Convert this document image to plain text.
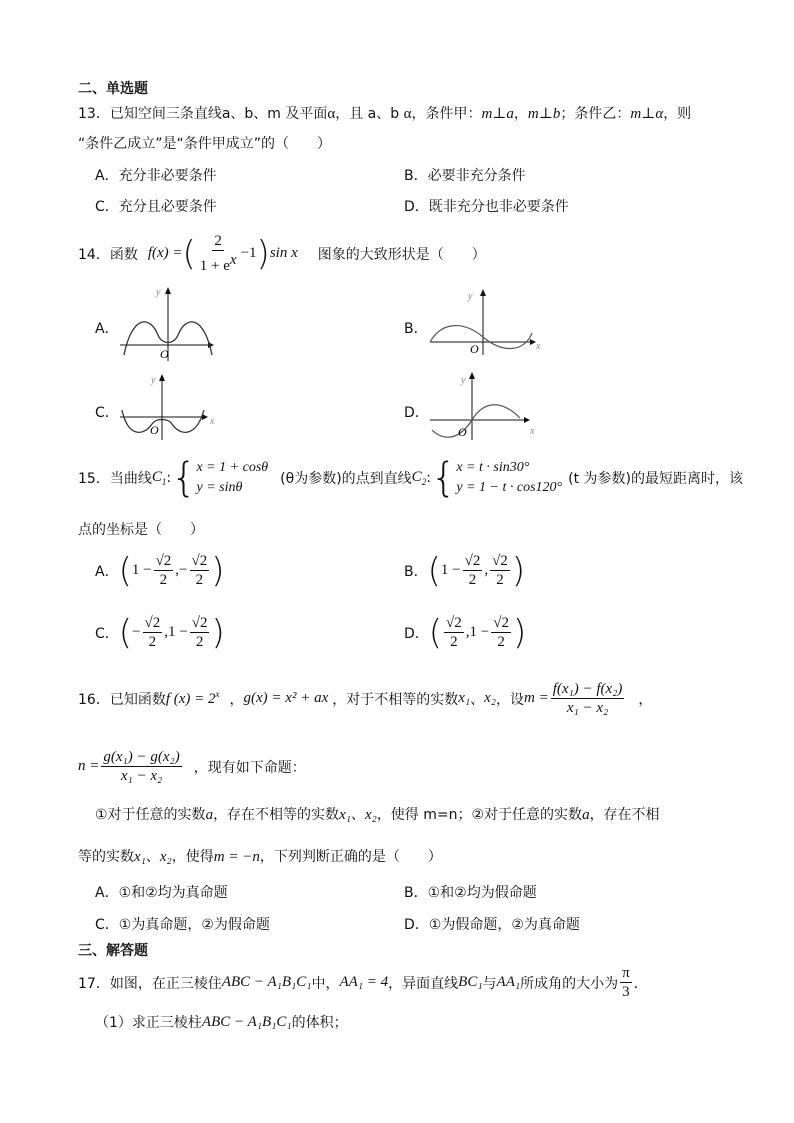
二、单选题
13．已知空间三条直线a、b、m 及平面α，且 a、b α，条件甲：m⊥a，m⊥b；条件乙：m⊥α，则
“条件乙成立”是“条件甲成立”的（　　）
A．充分非必要条件	B．必要非充分条件
C．充分且必要条件	D．既非充分也非必要条件
14．函数 f(x) = ( $\frac{2}{1 + e^x} -1$ ) sin x 图象的大致形状是（　　）
A．
O
y
B．
O
y
x
C．
O
y
x
D．
O
y
x
15．当曲线 $C_1$ : { x = 1 + cosθ
y = sinθ
(θ为参数)的点到直线 $C_2$ : { x = t · sin30°
y = 1 − t · cos120°
(t 为参数)的最短距离时，该
点的坐标是（　　）
A． ( $1 - \frac{√2}{2}$ , − $\frac{√2}{2}$ )	B． ( $1 - \frac{√2}{2}$ , $\frac{√2}{2}$ )
C． ( − $\frac{√2}{2}$ , $1 - \frac{√2}{2}$ )	D． ( $\frac{√2}{2}$ , $1 - \frac{√2}{2}$ )
16．已知函数 f $(x) = 2^x$ ， g(x) = x² + ax ，对于不相等的实数 x₁ 、 x₂ ，设 $m = \frac{\text{f(x₁) − f(x₂)}}{\text{x₁ − x₂}}$ ，
$n = \frac{\text{g(x₁) − g(x₂)}}{\text{x₁ − x₂}}$ ，现有如下命题：
①对于任意的实数a，存在不相等的实数x₁、x₂，使得 m=n；②对于任意的实数a，存在不相
等的实数x₁、x₂，使得m = −n，下列判断正确的是（　　）
A．①和②均为真命题	B．①和②均为假命题
C．①为真命题，②为假命题	D．①为假命题，②为真命题
三、解答题
17．如图，在正三棱住 ABC − A₁B₁C₁ 中， AA₁ = 4 ，异面直线 BC₁ 与 AA₁ 所成角的大小为 $\frac{\pi}{3}$ ．
（1）求正三棱柱 ABC − A₁B₁C₁ 的体积；
